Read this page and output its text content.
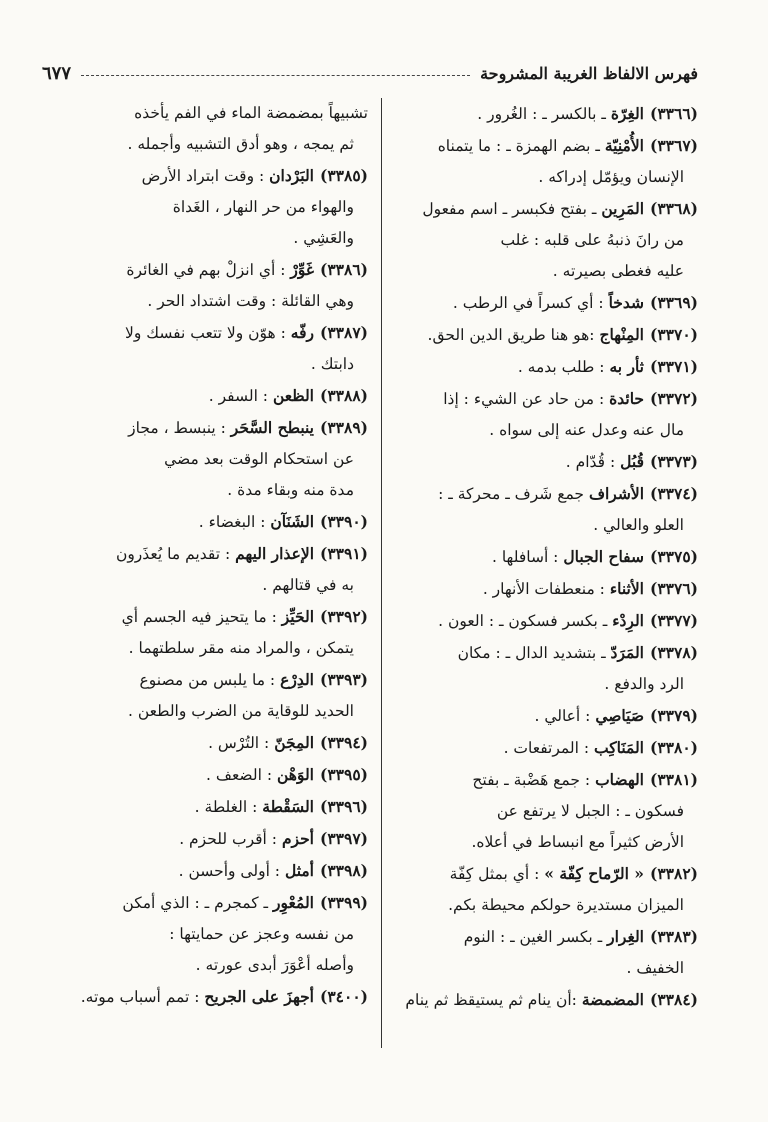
فهرس الالفاظ الغريبة المشروحة
٦٧٧

(٣٣٦٦)الغِرّة ـ بالكسر ـ : الغُرور .

(٣٣٦٧)الأُمْنِيّة ـ بضم الهمزة ـ : ما يتمناه
الإنسان ويؤمّل إدراكه .

(٣٣٦٨)المَرِين ـ بفتح فكبسر ـ اسم مفعول
من رانَ ذنبهُ على قلبه : غلب
عليه فغطى بصيرته .

(٣٣٦٩)شدخاً : أي كسراً في الرطب .

(٣٣٧٠)المِنْهاج :هو هنا طريق الدين الحق.

(٣٣٧١)ثأر به : طلب بدمه .

(٣٣٧٢)حائدة : من حاد عن الشيء : إذا
مال عنه وعدل عنه إلى سواه .

(٣٣٧٣)قُبُل : قُدّام .

(٣٣٧٤)الأشراف جمع شَرف ـ محركة ـ :
العلو والعالي .

(٣٣٧٥)سفاح الجبال : أسافلها .

(٣٣٧٦)الأثناء : منعطفات الأنهار .

(٣٣٧٧)الرِدْء ـ بكسر فسكون ـ : العون .

(٣٣٧٨)المَرَدّ ـ بتشديد الدال ـ : مكان
الرد والدفع .

(٣٣٧٩)صَيَاصِي : أعالي .

(٣٣٨٠)المَنَاكِب : المرتفعات .

(٣٣٨١)الهضاب : جمع هَضْبة ـ بفتح
فسكون ـ : الجبل لا يرتفع عن
الأرض كثيراً مع انبساط في أعلاه.

(٣٣٨٢)« الرّماح كِفّة » : أي بمثل كِفّة
الميزان مستديرة حولكم محيطة بكم.

(٣٣٨٣)الغِرار ـ بكسر الغين ـ : النوم
الخفيف .

(٣٣٨٤)المضمضة :أن ينام ثم يستيقظ ثم ينام

تشبيهاً بمضمضة الماء في الفم يأخذه
ثم يمجه ، وهو أدق التشبيه وأجمله .

(٣٣٨٥)البَرْدان : وقت ابتراد الأرض
والهواء من حر النهار ، الغَداة
والعَشِي .

(٣٣٨٦)غَوِّرْ : أي انزلْ بهم في الغائرة
وهي القائلة : وقت اشتداد الحر .

(٣٣٨٧)رفّه : هوّن ولا تتعب نفسك ولا
دابتك .

(٣٣٨٨)الظعن : السفر .

(٣٣٨٩)ينبطح السَّحَر : ينبسط ، مجاز
عن استحكام الوقت بعد مضي
مدة منه وبقاء مدة .

(٣٣٩٠)الشَنَآن : البغضاء .

(٣٣٩١)الإعذار اليهم : تقديم ما يُعذَرون
به في قتالهم .

(٣٣٩٢)الحَيِّز : ما يتحيز فيه الجسم أي
يتمكن ، والمراد منه مقر سلطتهما .

(٣٣٩٣)الدِرْع : ما يلبس من مصنوع
الحديد للوقاية من الضرب والطعن .

(٣٣٩٤)المِجَنّ : التُرْس .

(٣٣٩٥)الوَهْن : الضعف .

(٣٣٩٦)السَقْطة : الغلطة .

(٣٣٩٧)أحزم : أقرب للحزم .

(٣٣٩٨)أمثل : أولى وأحسن .

(٣٣٩٩)المُعْوِر ـ كمجرم ـ : الذي أمكن
من نفسه وعجز عن حمايتها :
وأصله أعْوَرَ أبدى عورته .

(٣٤٠٠)أجهزَ على الجريح : تمم أسباب موته.
